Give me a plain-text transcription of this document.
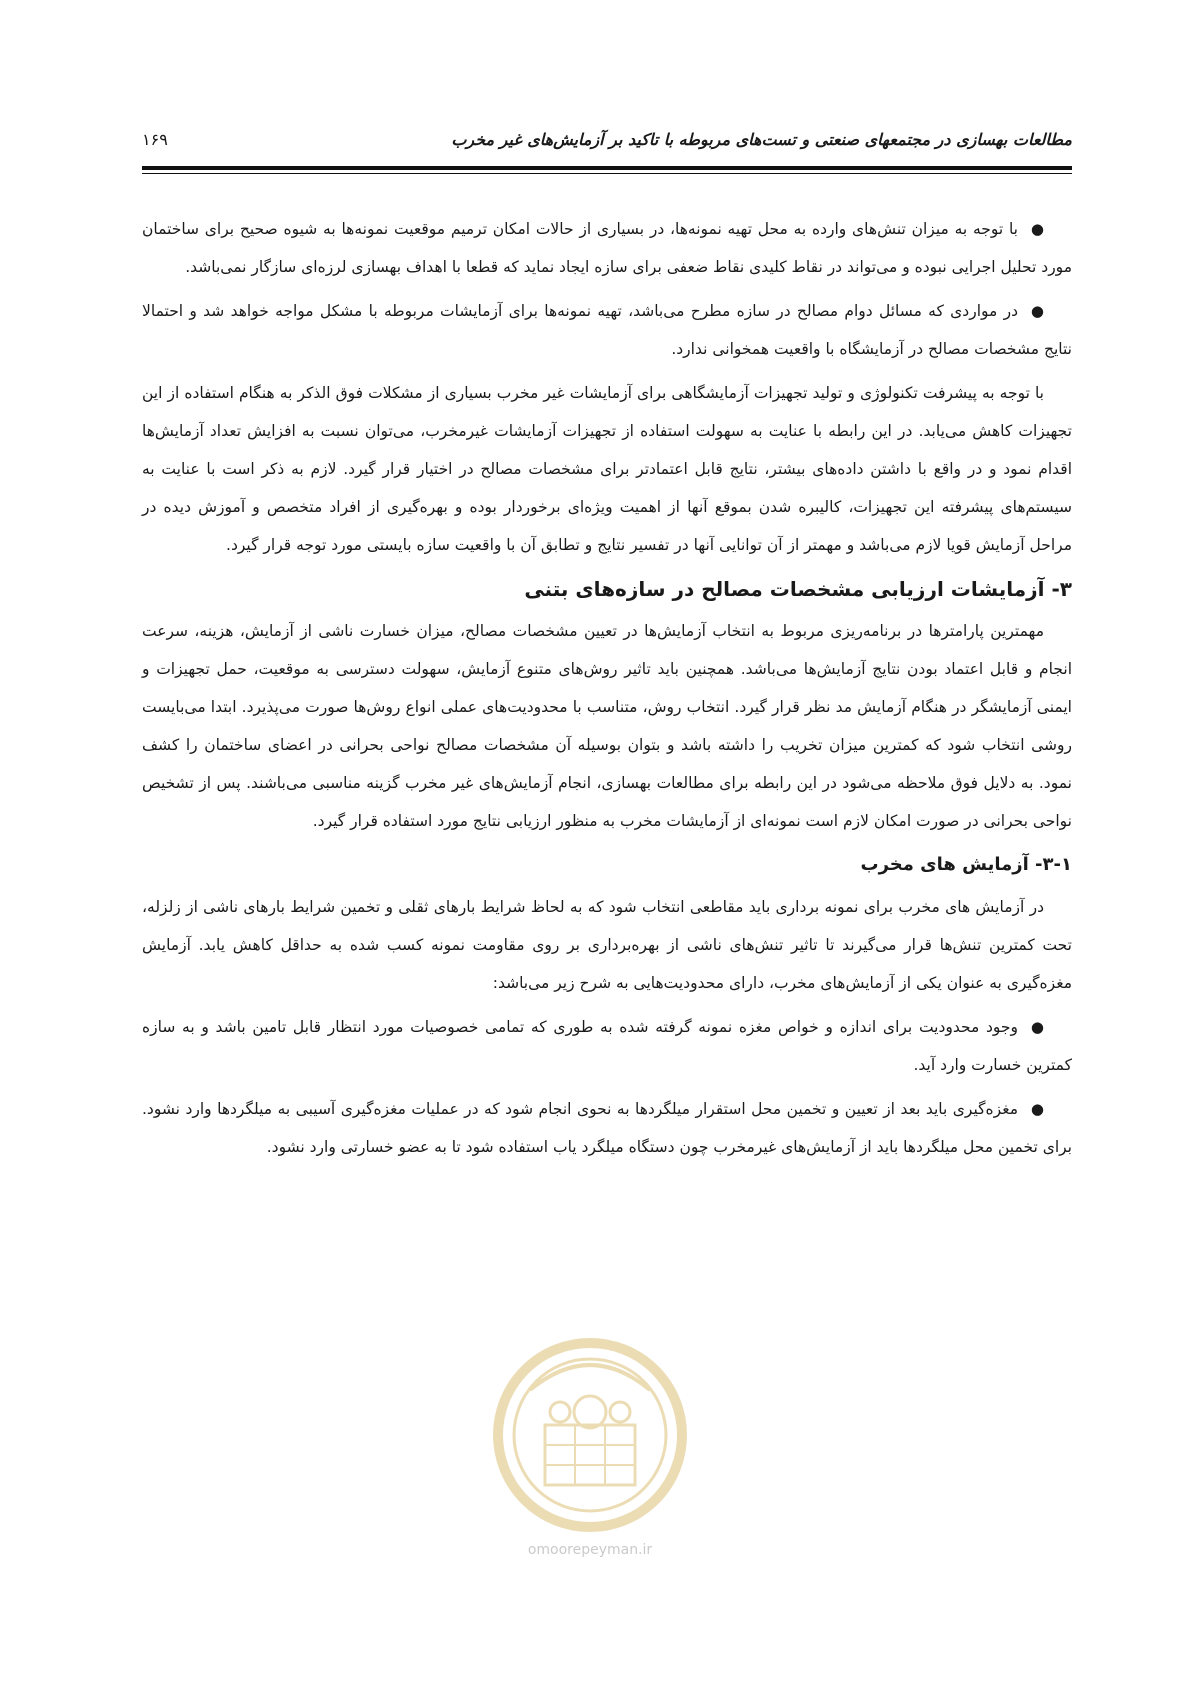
مطالعات بهسازی در مجتمعهای صنعتی و تست‌های مربوطه با تاکید بر آزمایش‌های غیر مخرب
۱۶۹

●با توجه به میزان تنش‌های وارده به محل تهیه نمونه‌ها، در بسیاری از حالات امکان ترمیم موقعیت نمونه‌ها به شیوه صحیح برای ساختمان مورد تحلیل اجرایی نبوده و می‌تواند در نقاط کلیدی نقاط ضعفی برای سازه ایجاد نماید که قطعا با اهداف بهسازی لرزه‌ای سازگار نمی‌باشد.

●در مواردی که مسائل دوام مصالح در سازه مطرح می‌باشد، تهیه نمونه‌ها برای آزمایشات مربوطه با مشکل مواجه خواهد شد و احتمالا نتایج مشخصات مصالح در آزمایشگاه با واقعیت همخوانی ندارد.

با توجه به پیشرفت تکنولوژی و تولید تجهیزات آزمایشگاهی برای آزمایشات غیر مخرب بسیاری از مشکلات فوق الذکر به هنگام استفاده از این تجهیزات کاهش می‌یابد. در این رابطه با عنایت به سهولت استفاده از تجهیزات آزمایشات غیرمخرب، می‌توان نسبت به افزایش تعداد آزمایش‌ها اقدام نمود و در واقع با داشتن داده‌های بیشتر، نتایج قابل اعتمادتر برای مشخصات مصالح در اختیار قرار گیرد. لازم به ذکر است با عنایت به سیستم‌های پیشرفته این تجهیزات، کالیبره شدن بموقع آنها از اهمیت ویژه‌ای برخوردار بوده و بهره‌گیری از افراد متخصص و آموزش دیده در مراحل آزمایش قویا لازم می‌باشد و مهمتر از آن توانایی آنها در تفسیر نتایج و تطابق آن با واقعیت سازه بایستی مورد توجه قرار گیرد.

۳- آزمایشات ارزیابی مشخصات مصالح در سازه‌های بتنی

مهمترین پارامترها در برنامه‌ریزی مربوط به انتخاب آزمایش‌ها در تعیین مشخصات مصالح، میزان خسارت ناشی از آزمایش، هزینه، سرعت انجام و قابل اعتماد بودن نتایج آزمایش‌ها می‌باشد. همچنین باید تاثیر روش‌های متنوع آزمایش، سهولت دسترسی به موقعیت، حمل تجهیزات و ایمنی آزمایشگر در هنگام آزمایش مد نظر قرار گیرد. انتخاب روش، متناسب با محدودیت‌های عملی انواع روش‌ها صورت می‌پذیرد. ابتدا می‌بایست روشی انتخاب شود که کمترین میزان تخریب را داشته باشد و بتوان بوسیله آن مشخصات مصالح نواحی بحرانی در اعضای ساختمان را کشف نمود. به دلایل فوق ملاحظه می‌شود در این رابطه برای مطالعات بهسازی، انجام آزمایش‌های غیر مخرب گزینه مناسبی می‌باشند. پس از تشخیص نواحی بحرانی در صورت امکان لازم است نمونه‌ای از آزمایشات مخرب به منظور ارزیابی نتایج مورد استفاده قرار گیرد.

۳-۱- آزمایش های مخرب

در آزمایش های مخرب برای نمونه برداری باید مقاطعی انتخاب شود که به لحاظ شرایط بارهای ثقلی و تخمین شرایط بارهای ناشی از زلزله، تحت کمترین تنش‌ها قرار می‌گیرند تا تاثیر تنش‌های ناشی از بهره‌برداری بر روی مقاومت نمونه کسب شده به حداقل کاهش یابد. آزمایش مغزه‌گیری به عنوان یکی از آزمایش‌های مخرب، دارای محدودیت‌هایی به شرح زیر می‌باشد:

●وجود محدودیت برای اندازه و خواص مغزه نمونه گرفته شده به طوری که تمامی خصوصیات مورد انتظار قابل تامین باشد و به سازه کمترین خسارت وارد آید.

●مغزه‌گیری باید بعد از تعیین و تخمین محل استقرار میلگردها به نحوی انجام شود که در عملیات مغزه‌گیری آسیبی به میلگردها وارد نشود. برای تخمین محل میلگردها باید از آزمایش‌های غیرمخرب چون دستگاه میلگرد یاب استفاده شود تا به عضو خسارتی وارد نشود.

omoorepeyman.ir
